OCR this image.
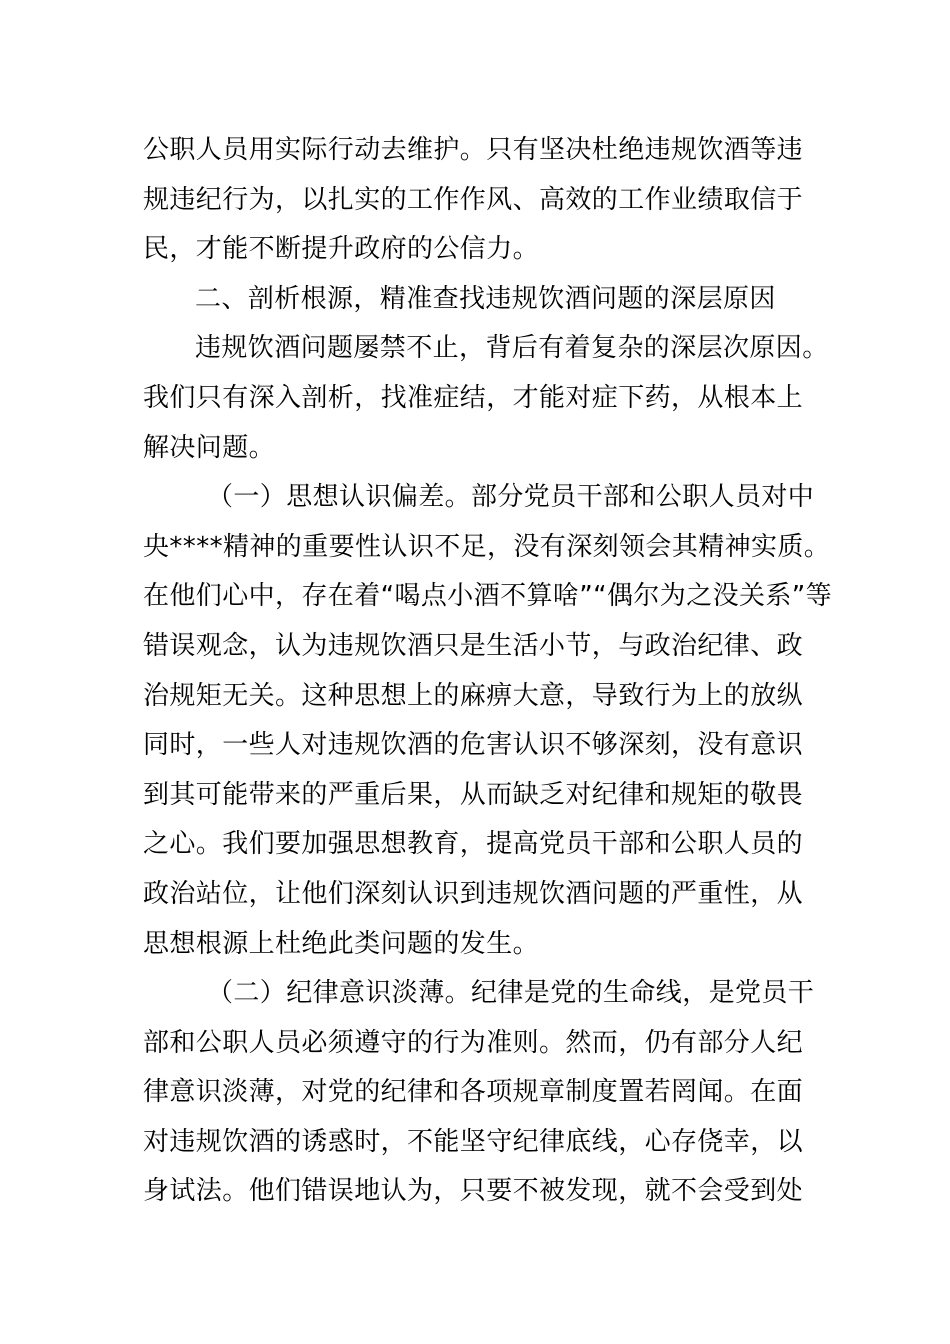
公职人员用实际行动去维护。只有坚决杜绝违规饮酒等违
规违纪行为，以扎实的工作作风、高效的工作业绩取信于
民，才能不断提升政府的公信力。
二、剖析根源，精准查找违规饮酒问题的深层原因
违规饮酒问题屡禁不止，背后有着复杂的深层次原因。
我们只有深入剖析，找准症结，才能对症下药，从根本上
解决问题。
（一）思想认识偏差。部分党员干部和公职人员对中
央****精神的重要性认识不足，没有深刻领会其精神实质。
在他们心中，存在着“喝点小酒不算啥”“偶尔为之没关系”等
错误观念，认为违规饮酒只是生活小节，与政治纪律、政
治规矩无关。这种思想上的麻痹大意，导致行为上的放纵
同时，一些人对违规饮酒的危害认识不够深刻，没有意识
到其可能带来的严重后果，从而缺乏对纪律和规矩的敬畏
之心。我们要加强思想教育，提高党员干部和公职人员的
政治站位，让他们深刻认识到违规饮酒问题的严重性，从
思想根源上杜绝此类问题的发生。
（二）纪律意识淡薄。纪律是党的生命线，是党员干
部和公职人员必须遵守的行为准则。然而，仍有部分人纪
律意识淡薄，对党的纪律和各项规章制度置若罔闻。在面
对违规饮酒的诱惑时，不能坚守纪律底线，心存侥幸，以
身试法。他们错误地认为，只要不被发现，就不会受到处
